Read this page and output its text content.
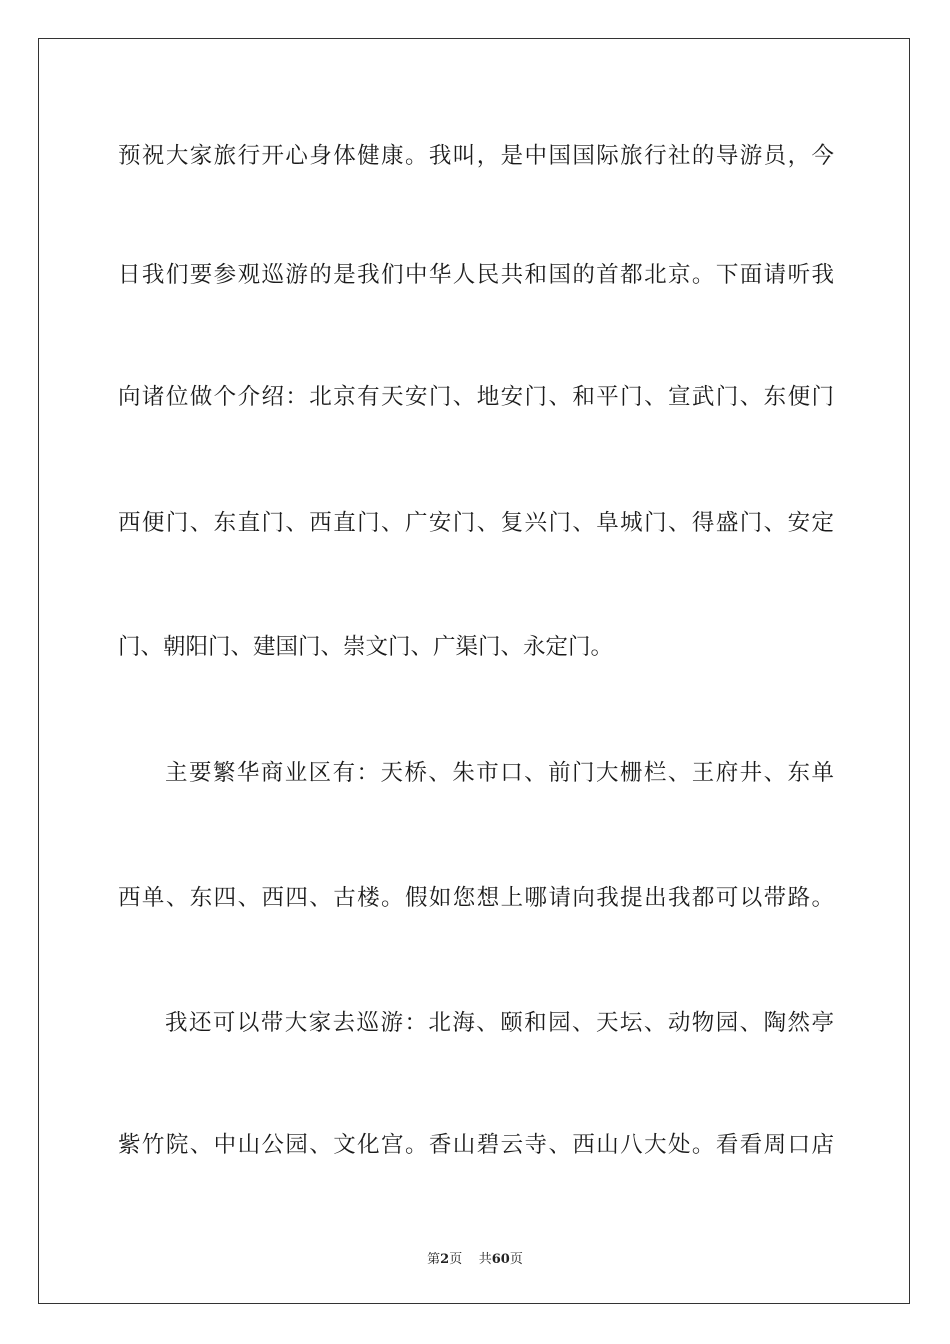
预祝大家旅行开心身体健康。我叫，是中国国际旅行社的导游员，今
日我们要参观巡游的是我们中华人民共和国的首都北京。下面请听我
向诸位做个介绍：北京有天安门、地安门、和平门、宣武门、东便门
西便门、东直门、西直门、广安门、复兴门、阜城门、得盛门、安定
门、朝阳门、建国门、崇文门、广渠门、永定门。
主要繁华商业区有：天桥、朱市口、前门大栅栏、王府井、东单
西单、东四、西四、古楼。假如您想上哪请向我提出我都可以带路。
我还可以带大家去巡游：北海、颐和园、天坛、动物园、陶然亭
紫竹院、中山公园、文化宫。香山碧云寺、西山八大处。看看周口店
第2页 共60页
